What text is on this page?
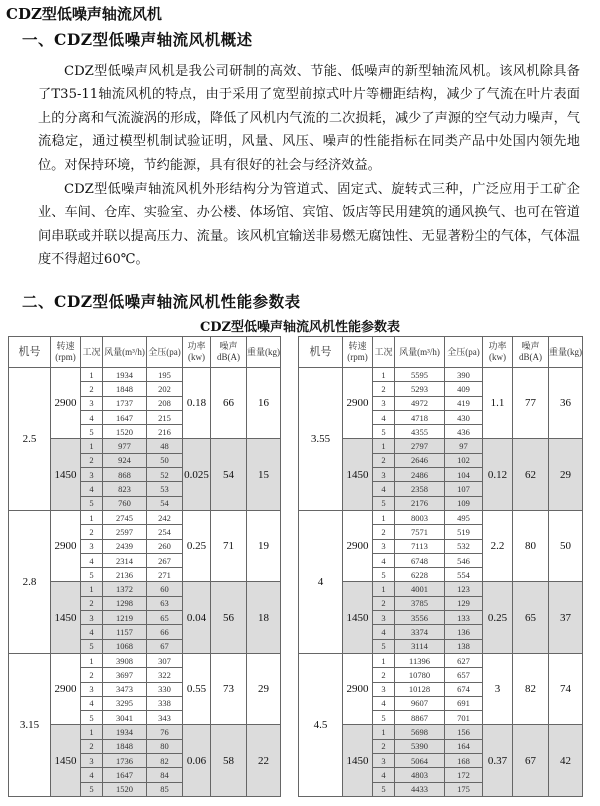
CDZ型低噪声轴流风机
一、CDZ型低噪声轴流风机概述

CDZ型低噪声风机是我公司研制的高效、节能、低噪声的新型轴流风机。该风机除具备了T35-11轴流风机的特点，由于采用了宽型前掠式叶片等栅距结构，减少了气流在叶片表面上的分离和气流漩涡的形成，降低了风机内气流的二次损耗，减少了声源的空气动力噪声，气流稳定，通过模型机制试验证明，风量、风压、噪声的性能指标在同类产品中处国内领先地位。对保持环境，节约能源，具有很好的社会与经济效益。

CDZ型低噪声轴流风机外形结构分为管道式、固定式、旋转式三种，广泛应用于工矿企业、车间、仓库、实验室、办公楼、体场馆、宾馆、饭店等民用建筑的通风换气、也可在管道间串联或并联以提高压力、流量。该风机宜输送非易燃无腐蚀性、无显著粉尘的气体，气体温度不得超过60℃。

二、CDZ型低噪声轴流风机性能参数表
CDZ型低噪声轴流风机性能参数表
机号	转速(rpm)	工况	风量(m³/h)	全压(pa)	功率(kw)	噪声dB(A)	重量(kg)
2.5	2900	1	1934	195	0.18	66	16
		2	1848	202			
		3	1737	208			
		4	1647	215			
		5	1520	216			
	1450	1	977	48	0.025	54	15
		2	924	50			
		3	868	52			
		4	823	53			
		5	760	54			
2.8	2900	1	2745	242	0.25	71	19
		2	2597	254			
		3	2439	260			
		4	2314	267			
		5	2136	271			
	1450	1	1372	60	0.04	56	18
		2	1298	63			
		3	1219	65			
		4	1157	66			
		5	1068	67			
3.15	2900	1	3908	307	0.55	73	29
		2	3697	322			
		3	3473	330			
		4	3295	338			
		5	3041	343			
	1450	1	1934	76	0.06	58	22
		2	1848	80			
		3	1736	82			
		4	1647	84			
		5	1520	85			
机号	转速(rpm)	工况	风量(m³/h)	全压(pa)	功率(kw)	噪声dB(A)	重量(kg)
3.55	2900	1	5595	390	1.1	77	36
		2	5293	409			
		3	4972	419			
		4	4718	430			
		5	4355	436			
	1450	1	2797	97	0.12	62	29
		2	2646	102			
		3	2486	104			
		4	2358	107			
		5	2176	109			
4	2900	1	8003	495	2.2	80	50
		2	7571	519			
		3	7113	532			
		4	6748	546			
		5	6228	554			
	1450	1	4001	123	0.25	65	37
		2	3785	129			
		3	3556	133			
		4	3374	136			
		5	3114	138			
4.5	2900	1	11396	627	3	82	74
		2	10780	657			
		3	10128	674			
		4	9607	691			
		5	8867	701			
	1450	1	5698	156	0.37	67	42
		2	5390	164			
		3	5064	168			
		4	4803	172			
		5	4433	175			
